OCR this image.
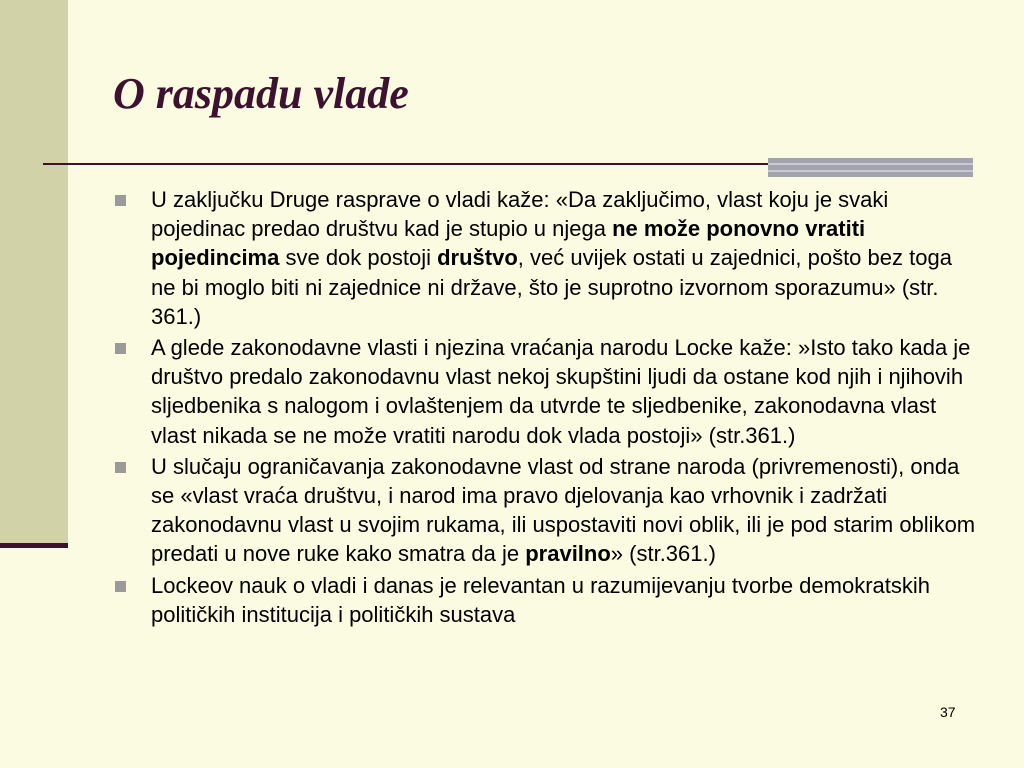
O raspadu vlade
U zaključku Druge rasprave o vladi kaže: «Da zaključimo, vlast koju je svaki pojedinac predao društvu kad je stupio u njega ne može ponovno vratiti pojedincima sve dok postoji društvo, već uvijek ostati u zajednici, pošto bez toga ne bi moglo biti ni zajednice ni države, što je suprotno izvornom sporazumu» (str. 361.)
A glede zakonodavne vlasti i njezina vraćanja narodu Locke kaže: »Isto tako kada je društvo predalo zakonodavnu vlast nekoj skupštini ljudi da ostane kod njih i njihovih sljedbenika s nalogom i ovlaštenjem da utvrde te sljedbenike, zakonodavna vlast vlast nikada se ne može vratiti narodu dok vlada postoji» (str.361.)
U slučaju ograničavanja zakonodavne vlast od strane naroda (privremenosti), onda se «vlast vraća društvu, i narod ima pravo djelovanja kao vrhovnik i zadržati zakonodavnu vlast u svojim rukama, ili uspostaviti novi oblik, ili je pod starim oblikom predati u nove ruke kako smatra da je pravilno» (str.361.)
Lockeov nauk o vladi i danas je relevantan u razumijevanju tvorbe demokratskih političkih institucija i političkih sustava
37
